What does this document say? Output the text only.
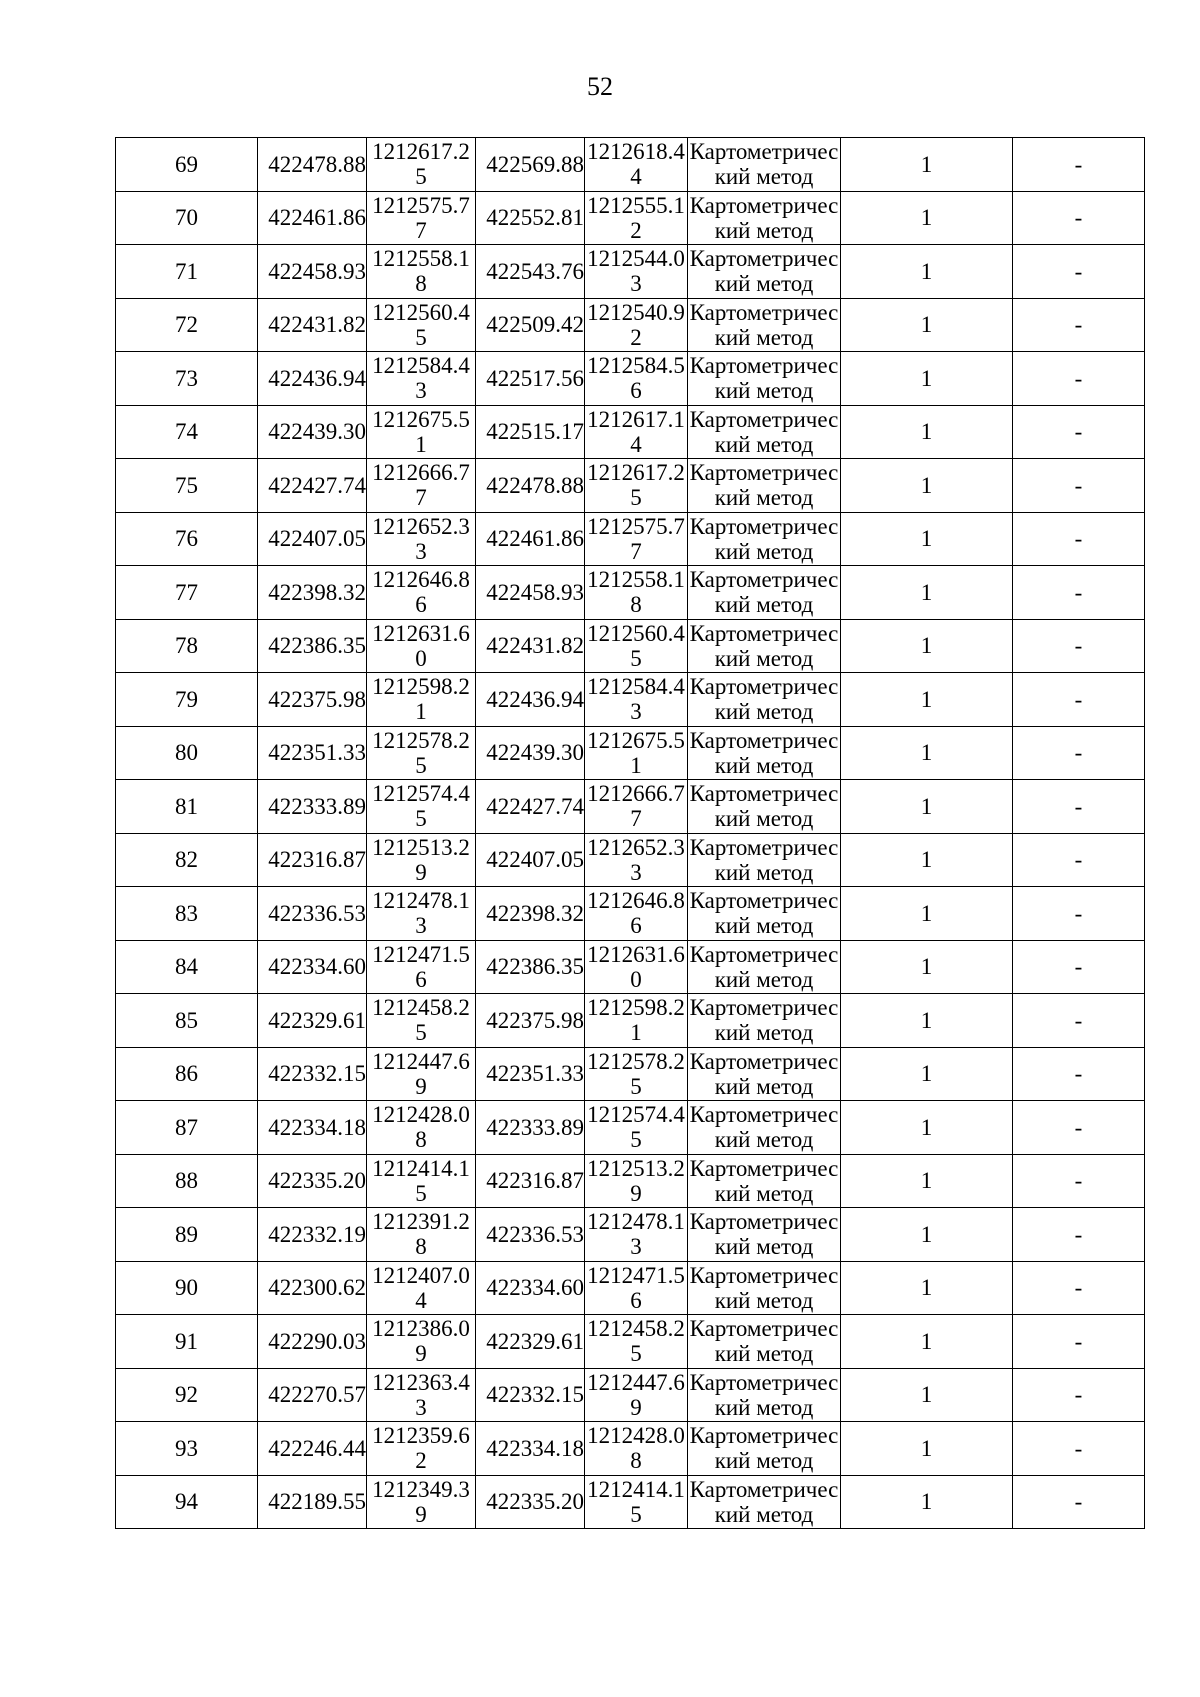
52
69	422478.88	1212617.25	422569.88	1212618.44	Картометрический метод	1	-
70	422461.86	1212575.77	422552.81	1212555.12	Картометрический метод	1	-
71	422458.93	1212558.18	422543.76	1212544.03	Картометрический метод	1	-
72	422431.82	1212560.45	422509.42	1212540.92	Картометрический метод	1	-
73	422436.94	1212584.43	422517.56	1212584.56	Картометрический метод	1	-
74	422439.30	1212675.51	422515.17	1212617.14	Картометрический метод	1	-
75	422427.74	1212666.77	422478.88	1212617.25	Картометрический метод	1	-
76	422407.05	1212652.33	422461.86	1212575.77	Картометрический метод	1	-
77	422398.32	1212646.86	422458.93	1212558.18	Картометрический метод	1	-
78	422386.35	1212631.60	422431.82	1212560.45	Картометрический метод	1	-
79	422375.98	1212598.21	422436.94	1212584.43	Картометрический метод	1	-
80	422351.33	1212578.25	422439.30	1212675.51	Картометрический метод	1	-
81	422333.89	1212574.45	422427.74	1212666.77	Картометрический метод	1	-
82	422316.87	1212513.29	422407.05	1212652.33	Картометрический метод	1	-
83	422336.53	1212478.13	422398.32	1212646.86	Картометрический метод	1	-
84	422334.60	1212471.56	422386.35	1212631.60	Картометрический метод	1	-
85	422329.61	1212458.25	422375.98	1212598.21	Картометрический метод	1	-
86	422332.15	1212447.69	422351.33	1212578.25	Картометрический метод	1	-
87	422334.18	1212428.08	422333.89	1212574.45	Картометрический метод	1	-
88	422335.20	1212414.15	422316.87	1212513.29	Картометрический метод	1	-
89	422332.19	1212391.28	422336.53	1212478.13	Картометрический метод	1	-
90	422300.62	1212407.04	422334.60	1212471.56	Картометрический метод	1	-
91	422290.03	1212386.09	422329.61	1212458.25	Картометрический метод	1	-
92	422270.57	1212363.43	422332.15	1212447.69	Картометрический метод	1	-
93	422246.44	1212359.62	422334.18	1212428.08	Картометрический метод	1	-
94	422189.55	1212349.39	422335.20	1212414.15	Картометрический метод	1	-
